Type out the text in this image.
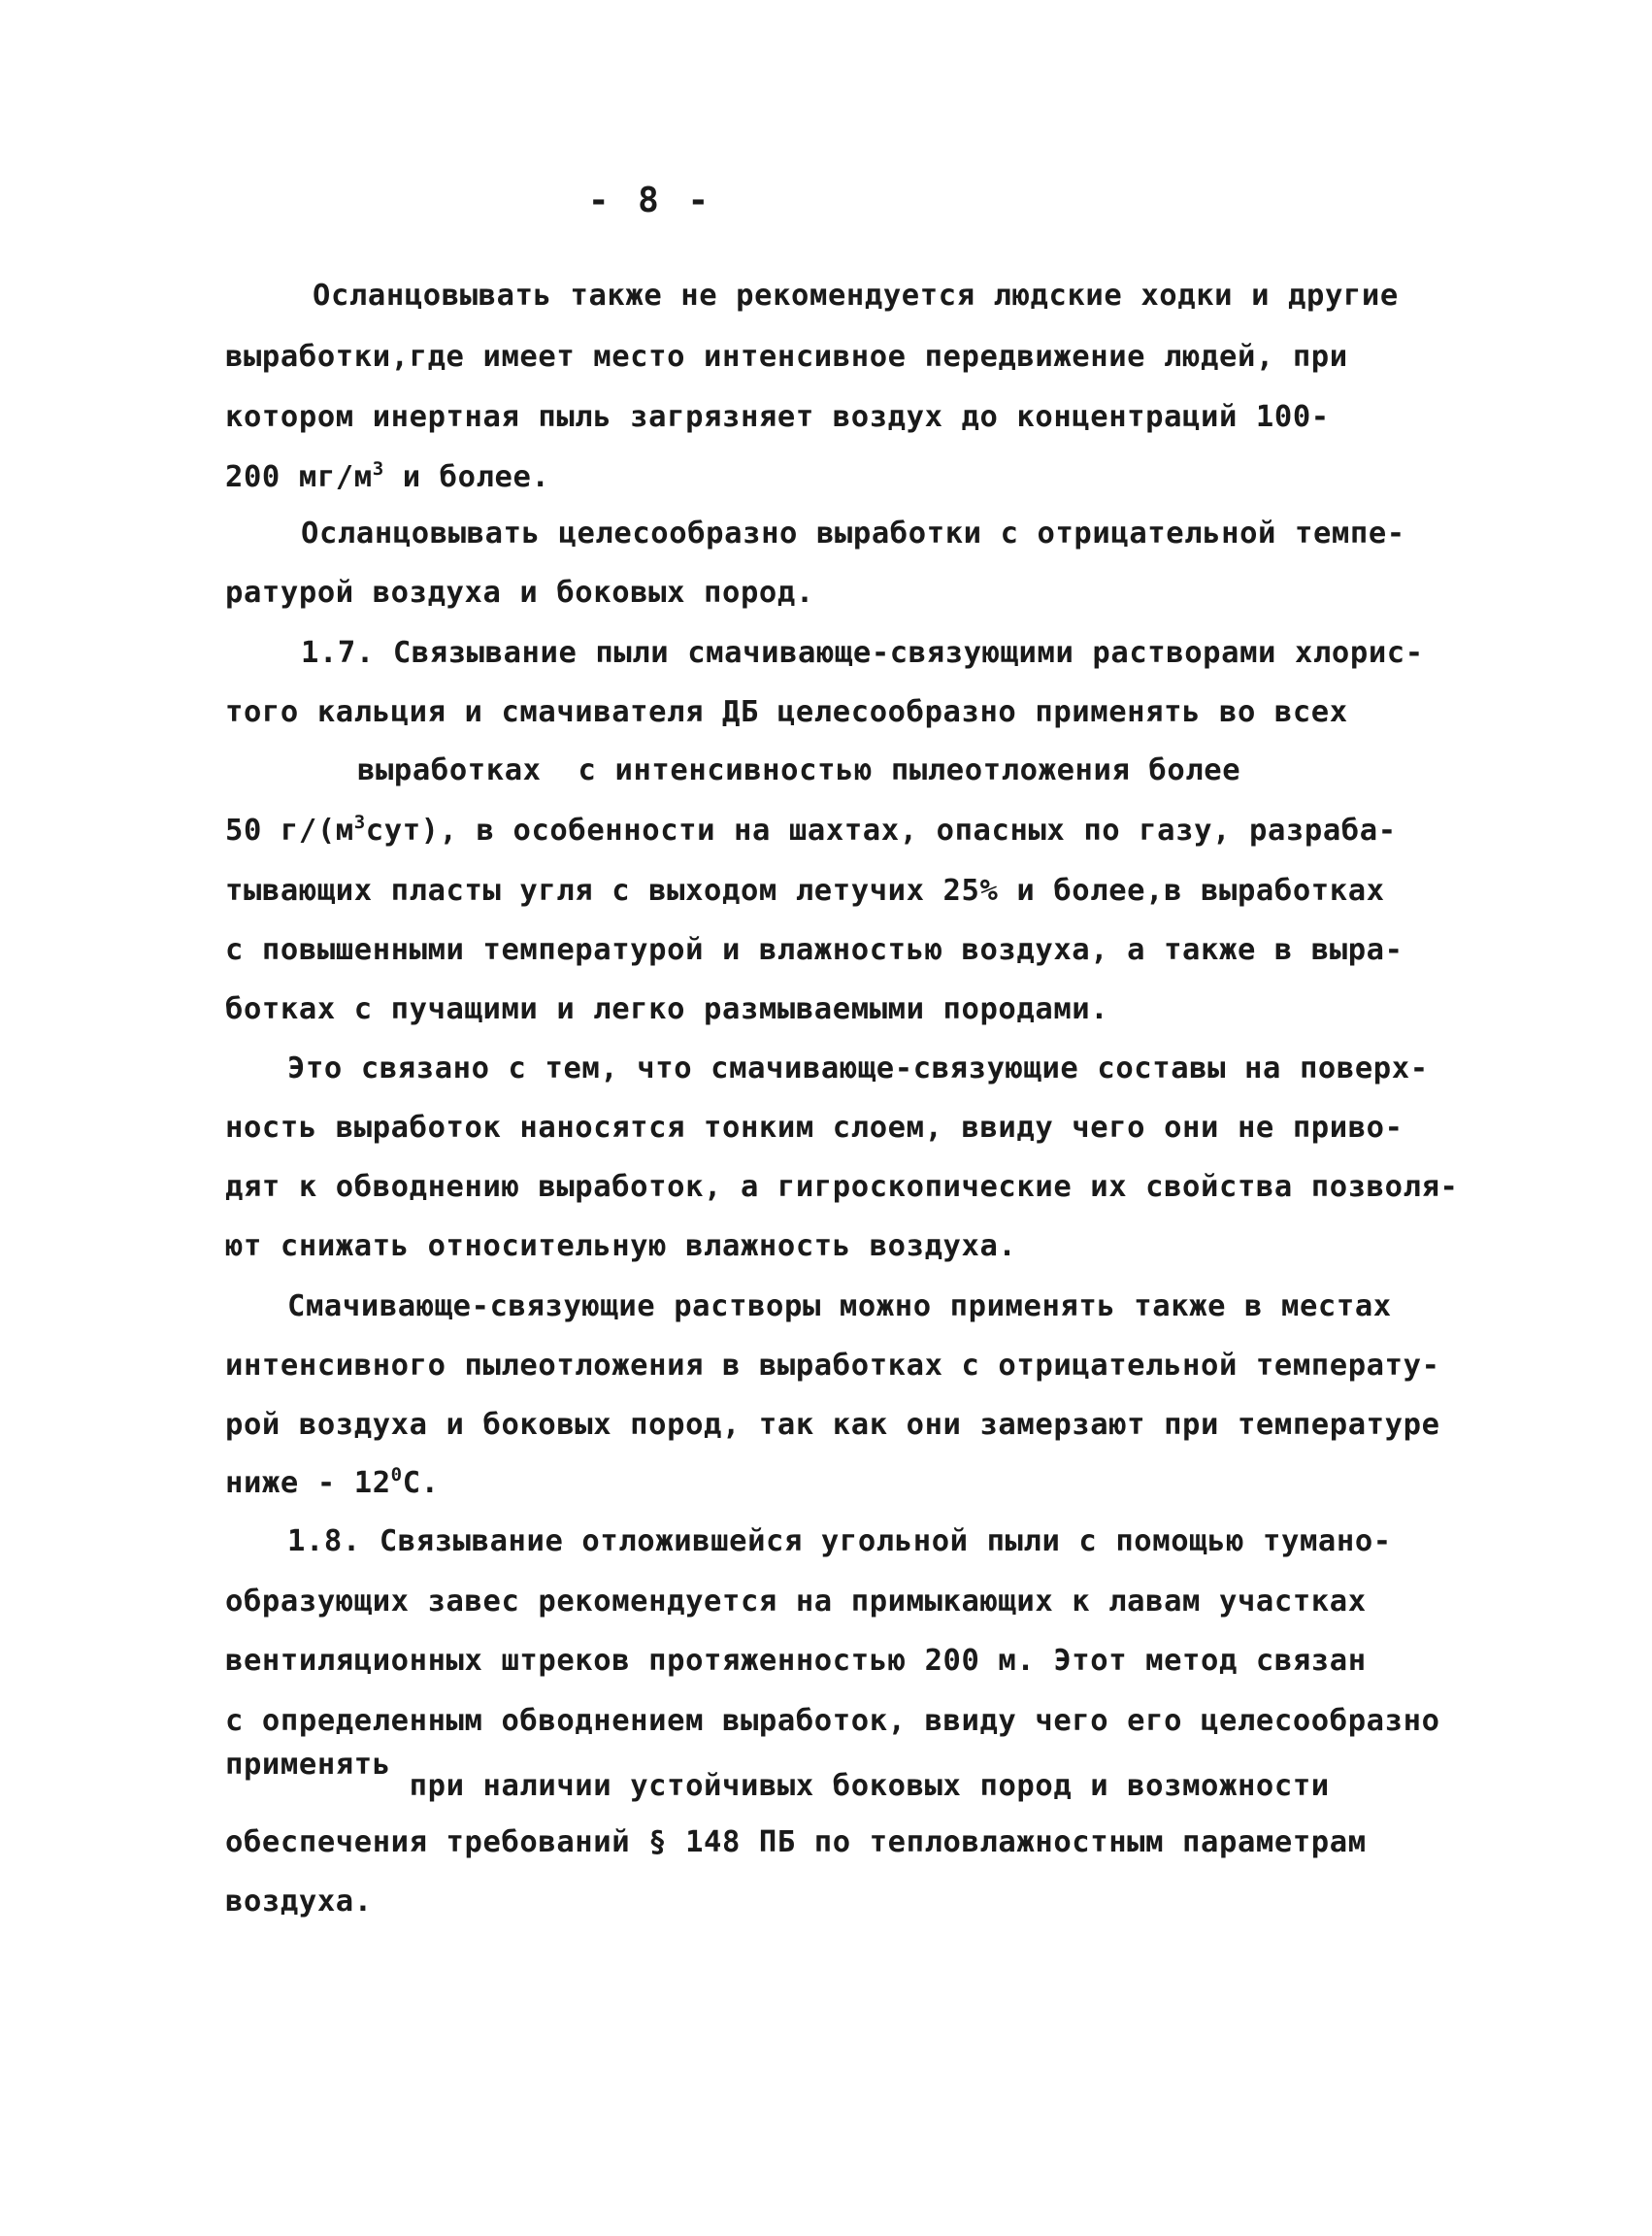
- 8 -
Осланцовывать также не рекомендуется людские ходки и другие
выработки,где имеет место интенсивное передвижение людей, при
котором инертная пыль загрязняет воздух до концентраций 100-
200 $мг/м^3$ и более.
Осланцовывать целесообразно выработки с отрицательной темпе-
ратурой воздуха и боковых пород.
1.7. Связывание пыли смачивающе-связующими растворами хлорис-
того кальция и смачивателя ДБ целесообразно применять во всех
выработках  с интенсивностью пылеотложения более
50 $г/(м^3сут)$, в особенности на шахтах, опасных по газу, разраба-
тывающих пласты угля с выходом летучих 25% и более,в выработках
с повышенными температурой и влажностью воздуха, а также в выра-
ботках с пучащими и легко размываемыми породами.
Это связано с тем, что смачивающе-связующие составы на поверх-
ность выработок наносятся тонким слоем, ввиду чего они не приво-
дят к обводнению выработок, а гигроскопические их свойства позволя-
ют снижать относительную влажность воздуха.
Смачивающе-связующие растворы можно применять также в местах
интенсивного пылеотложения в выработках с отрицательной температу-
рой воздуха и боковых пород, так как они замерзают при температуре
ниже - $12^0С$.
1.8. Связывание отложившейся угольной пыли с помощью тумано-
образующих завес рекомендуется на примыкающих к лавам участках
вентиляционных штреков протяженностью 200 м. Этот метод связан
с определенным обводнением выработок, ввиду чего его целесообразно
применять при наличии устойчивых боковых пород и возможности
обеспечения требований § 148 ПБ по тепловлажностным параметрам
воздуха.
